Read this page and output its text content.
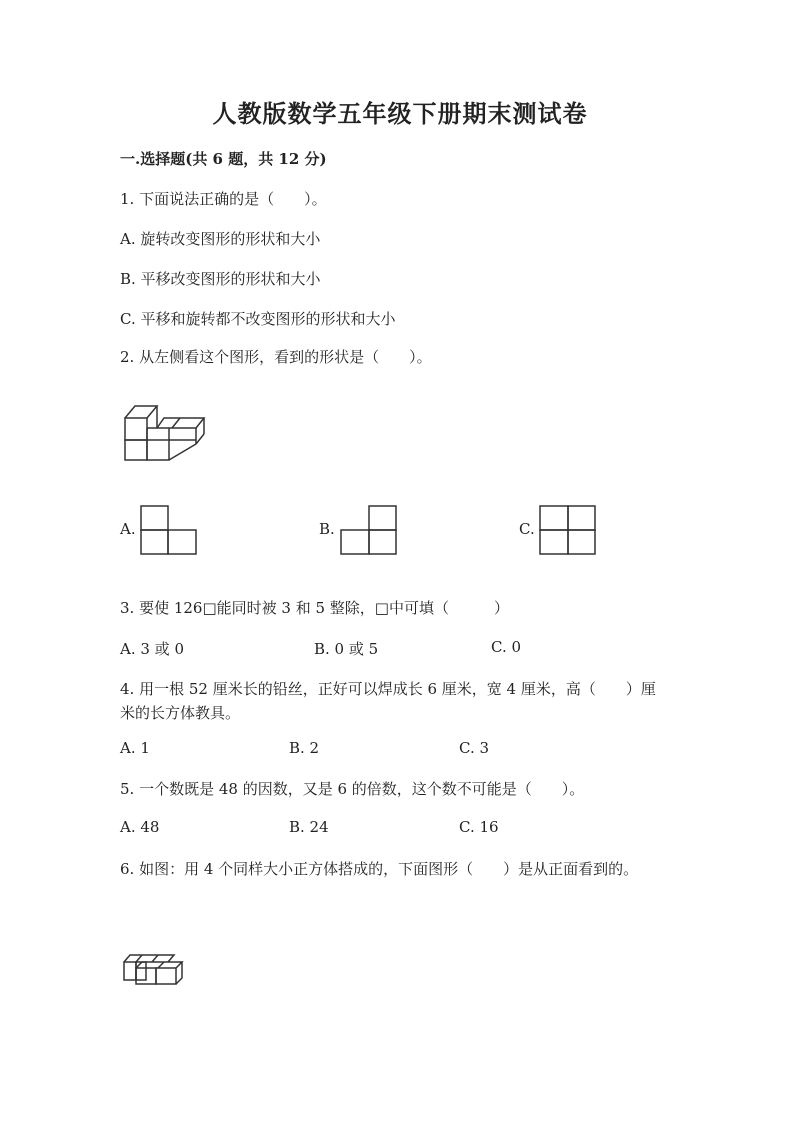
人教版数学五年级下册期末测试卷
一.选择题(共 6 题，共 12 分)
1. 下面说法正确的是（　　）。
A. 旋转改变图形的形状和大小
B. 平移改变图形的形状和大小
C. 平移和旋转都不改变图形的形状和大小
2. 从左侧看这个图形，看到的形状是（　　）。
A.	B.	C.
3. 要使 126□能同时被 3 和 5 整除，□中可填（　　　）
A. 3 或 0	B. 0 或 5	C. 0
4. 用一根 52 厘米长的铅丝，正好可以焊成长 6 厘米，宽 4 厘米，高（　　）厘
米的长方体教具。
A. 1	B. 2	C. 3
5. 一个数既是 48 的因数，又是 6 的倍数，这个数不可能是（　　）。
A. 48	B. 24	C. 16
6. 如图：用 4 个同样大小正方体搭成的，下面图形（　　）是从正面看到的。
